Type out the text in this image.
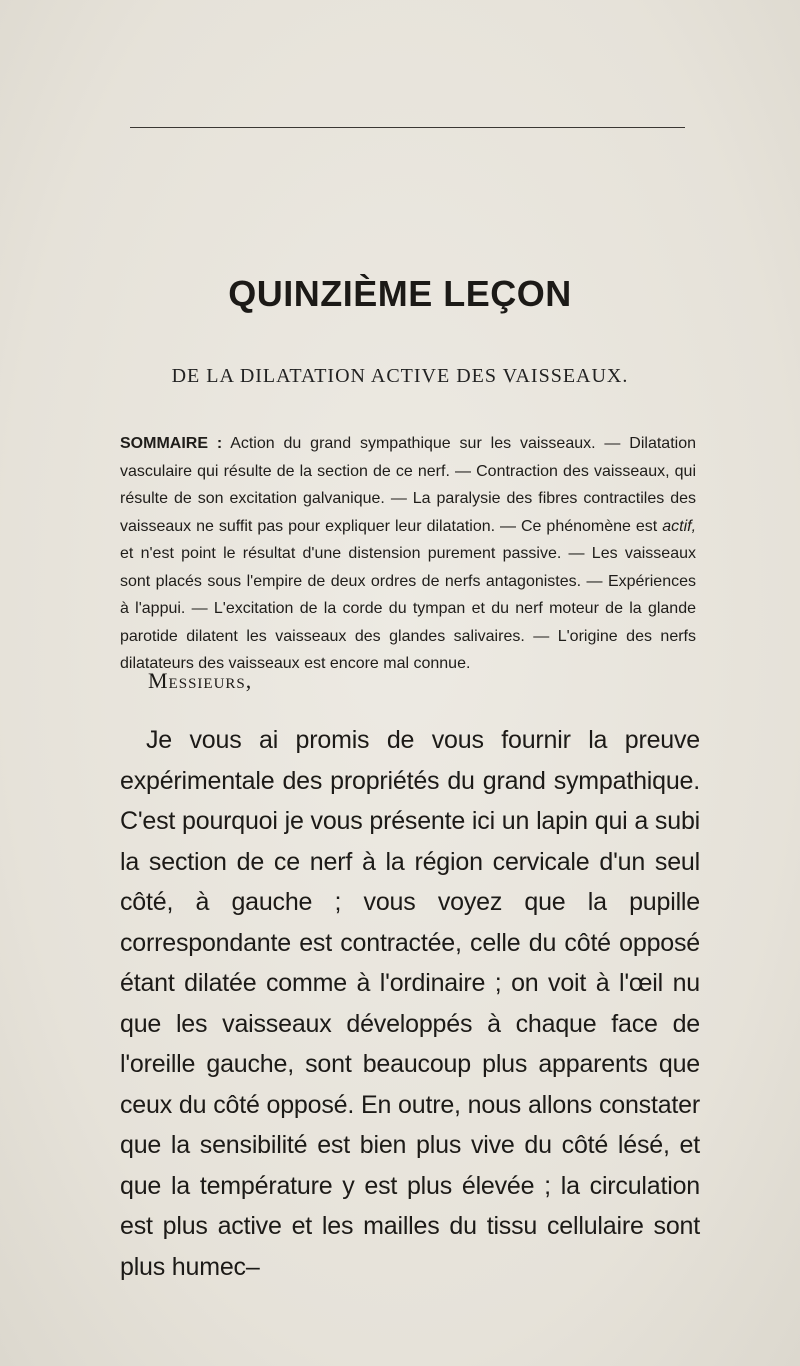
QUINZIÈME LEÇON
DE LA DILATATION ACTIVE DES VAISSEAUX.
SOMMAIRE : Action du grand sympathique sur les vaisseaux. — Dilatation vasculaire qui résulte de la section de ce nerf. — Contraction des vaisseaux, qui résulte de son excitation galvanique. — La paralysie des fibres contractiles des vaisseaux ne suffit pas pour expliquer leur dilatation. — Ce phénomène est actif, et n'est point le résultat d'une distension purement passive. — Les vaisseaux sont placés sous l'empire de deux ordres de nerfs antagonistes. — Expériences à l'appui. — L'excitation de la corde du tympan et du nerf moteur de la glande parotide dilatent les vaisseaux des glandes salivaires. — L'origine des nerfs dilatateurs des vaisseaux est encore mal connue.
Messieurs,
Je vous ai promis de vous fournir la preuve expérimentale des propriétés du grand sympathique. C'est pourquoi je vous présente ici un lapin qui a subi la section de ce nerf à la région cervicale d'un seul côté, à gauche ; vous voyez que la pupille correspondante est contractée, celle du côté opposé étant dilatée comme à l'ordinaire ; on voit à l'œil nu que les vaisseaux développés à chaque face de l'oreille gauche, sont beaucoup plus apparents que ceux du côté opposé. En outre, nous allons constater que la sensibilité est bien plus vive du côté lésé, et que la température y est plus élevée ; la circulation est plus active et les mailles du tissu cellulaire sont plus humec–
